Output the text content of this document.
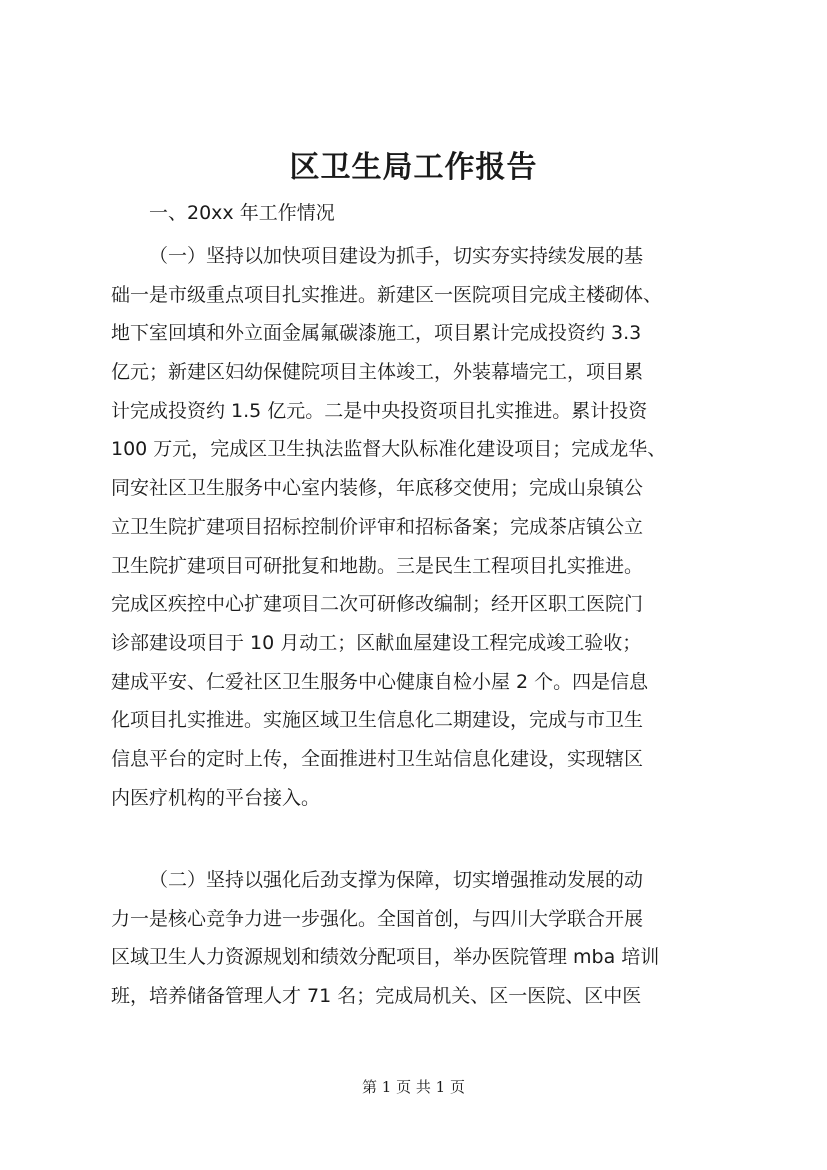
区卫生局工作报告
一、20xx 年工作情况
（一）坚持以加快项目建设为抓手，切实夯实持续发展的基
础一是市级重点项目扎实推进。新建区一医院项目完成主楼砌体、
地下室回填和外立面金属氟碳漆施工，项目累计完成投资约 3.3
亿元；新建区妇幼保健院项目主体竣工，外装幕墙完工，项目累
计完成投资约 1.5 亿元。二是中央投资项目扎实推进。累计投资
100 万元，完成区卫生执法监督大队标准化建设项目；完成龙华、
同安社区卫生服务中心室内装修，年底移交使用；完成山泉镇公
立卫生院扩建项目招标控制价评审和招标备案；完成茶店镇公立
卫生院扩建项目可研批复和地勘。三是民生工程项目扎实推进。
完成区疾控中心扩建项目二次可研修改编制；经开区职工医院门
诊部建设项目于 10 月动工；区献血屋建设工程完成竣工验收；
建成平安、仁爱社区卫生服务中心健康自检小屋 2 个。四是信息
化项目扎实推进。实施区域卫生信息化二期建设，完成与市卫生
信息平台的定时上传，全面推进村卫生站信息化建设，实现辖区
内医疗机构的平台接入。
（二）坚持以强化后劲支撑为保障，切实增强推动发展的动
力一是核心竞争力进一步强化。全国首创，与四川大学联合开展
区域卫生人力资源规划和绩效分配项目，举办医院管理 mba 培训
班，培养储备管理人才 71 名；完成局机关、区一医院、区中医
第 1 页 共 1 页
